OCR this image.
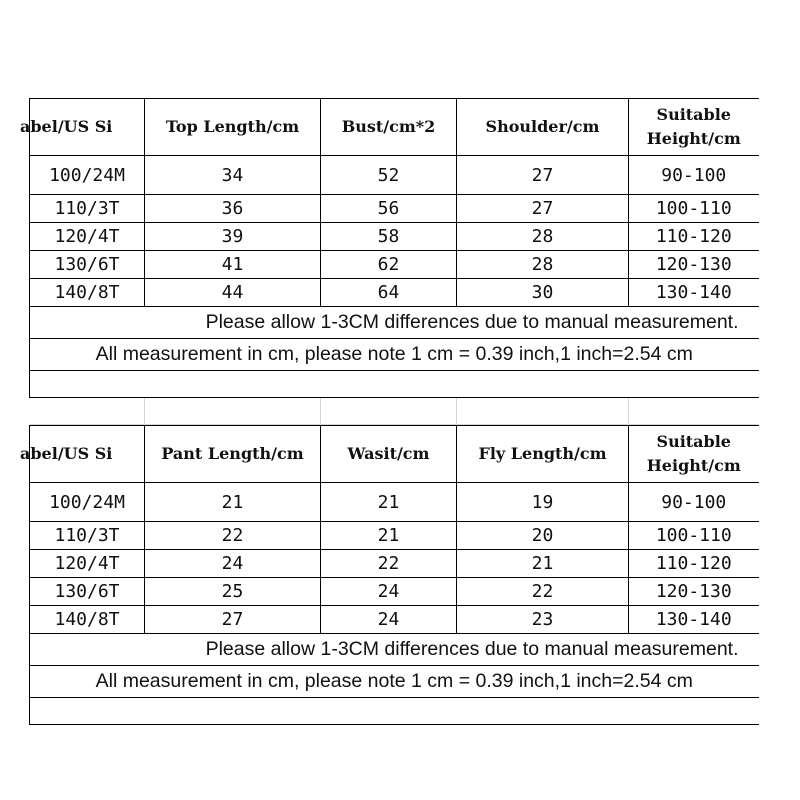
abel/US Si	Top Length/cm	Bust/cm*2	Shoulder/cm	Suitable Height/cm
100/24M	34	52	27	90-100
110/3T	36	56	27	100-110
120/4T	39	58	28	110-120
130/6T	41	62	28	120-130
140/8T	44	64	30	130-140
Please allow 1-3CM differences due to manual measurement.				
All measurement in cm, please note 1 cm = 0.39 inch,1 inch=2.54 cm				

abel/US Si	Pant Length/cm	Wasit/cm	Fly Length/cm	Suitable Height/cm
100/24M	21	21	19	90-100
110/3T	22	21	20	100-110
120/4T	24	22	21	110-120
130/6T	25	24	22	120-130
140/8T	27	24	23	130-140
Please allow 1-3CM differences due to manual measurement.				
All measurement in cm, please note 1 cm = 0.39 inch,1 inch=2.54 cm				
